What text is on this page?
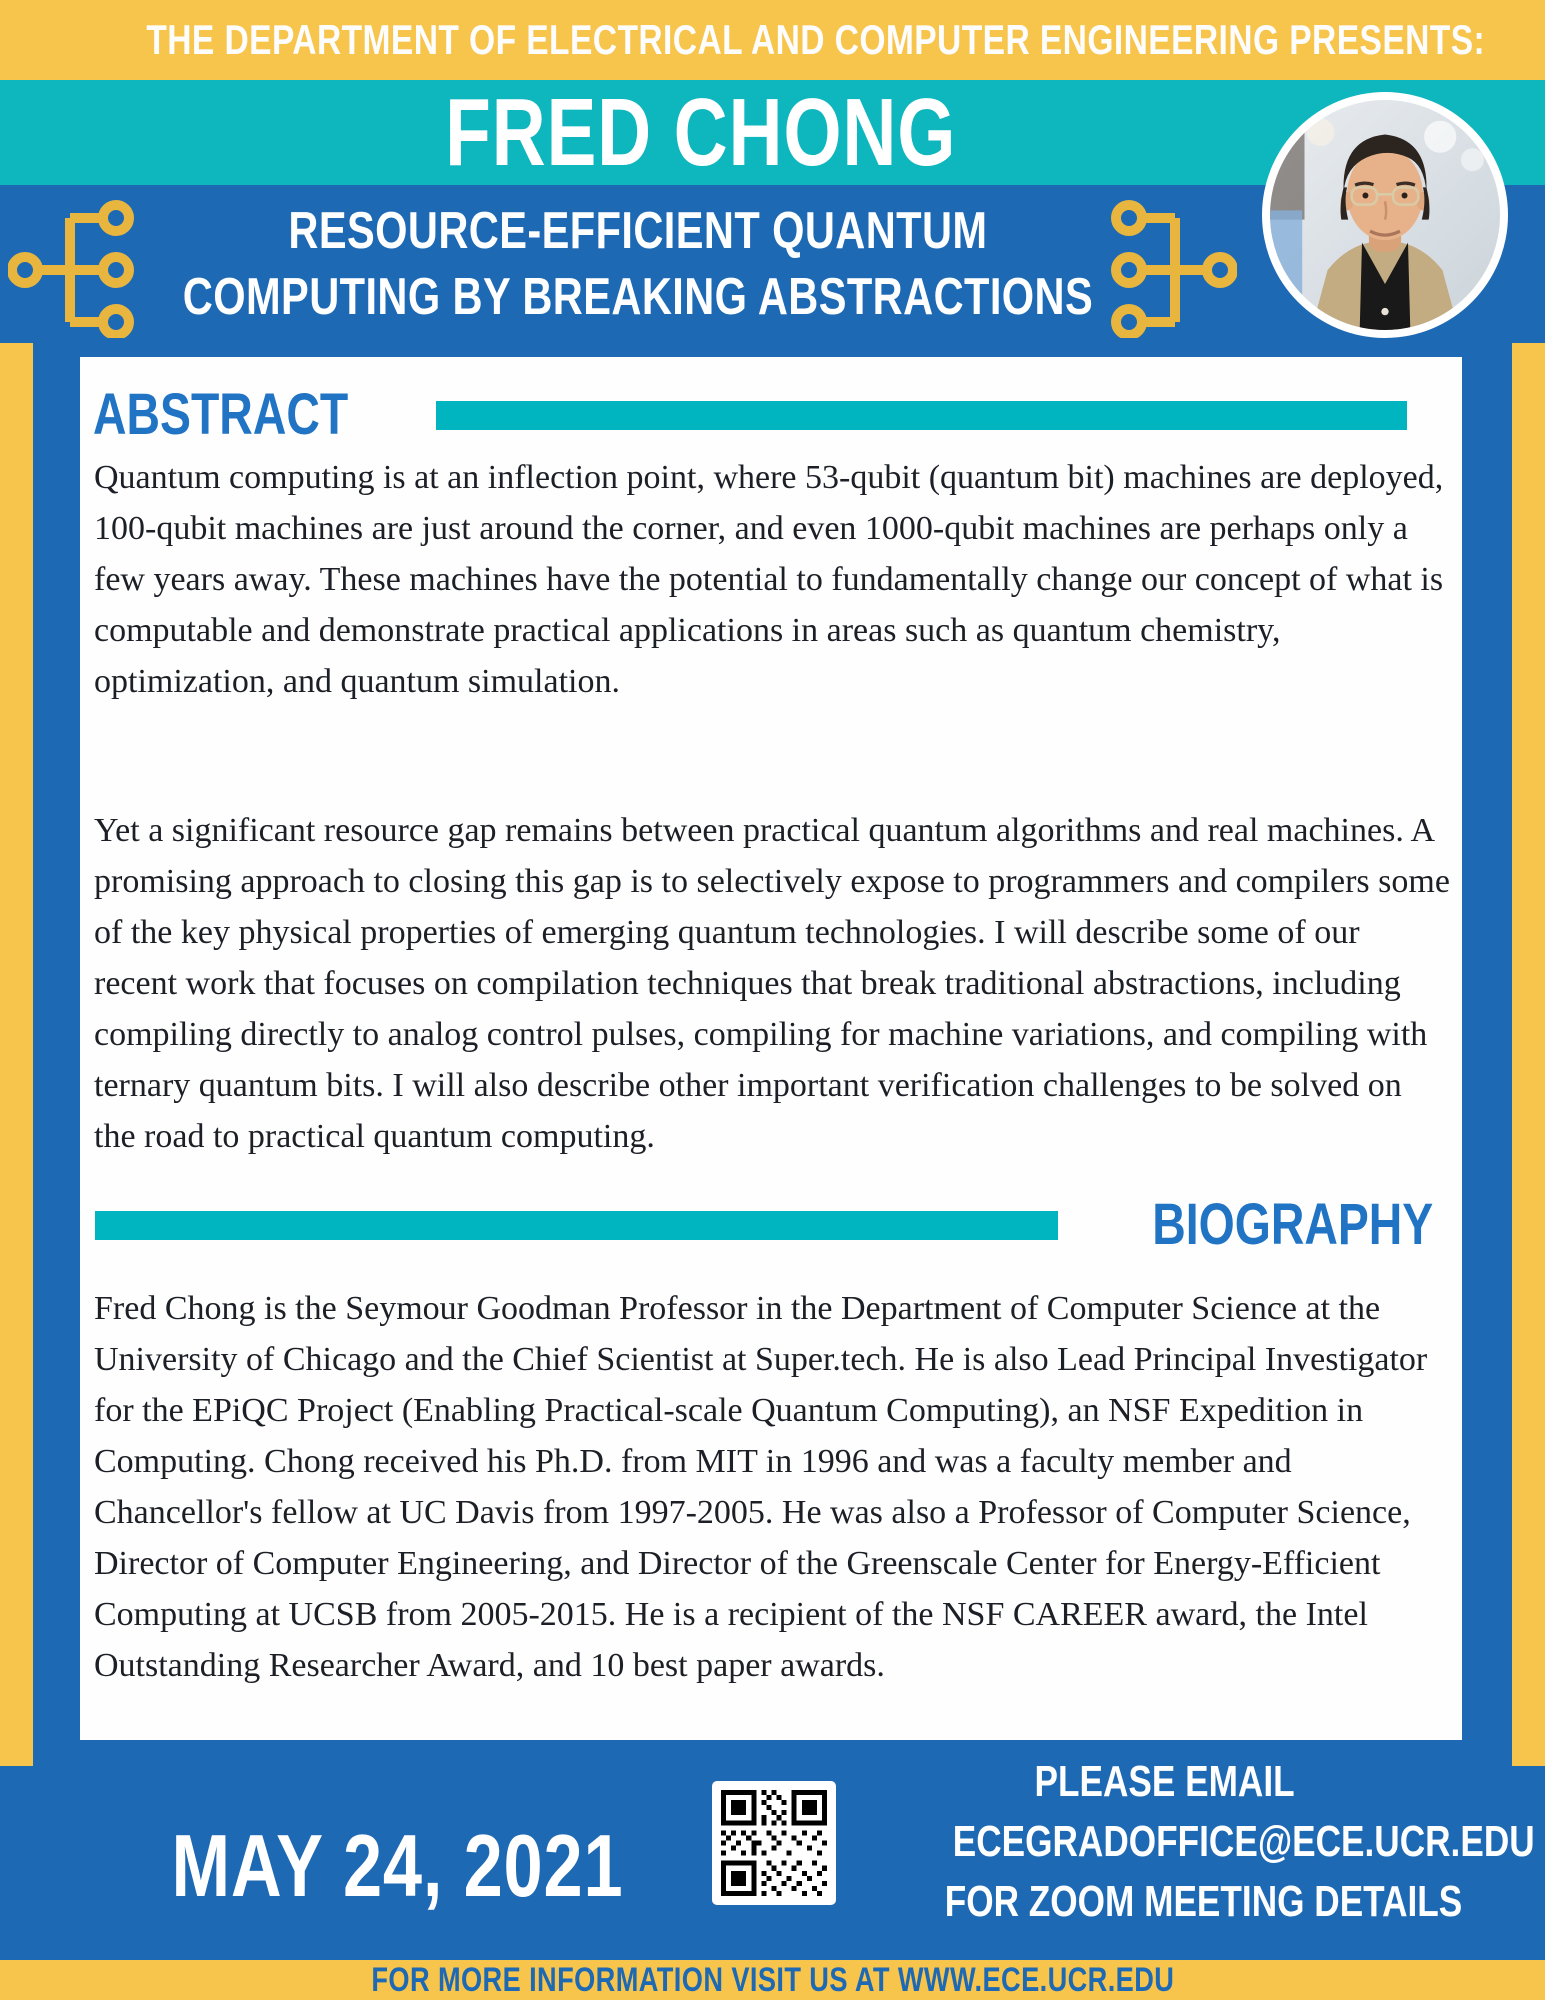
THE DEPARTMENT OF ELECTRICAL AND COMPUTER ENGINEERING PRESENTS:
FRED CHONG
RESOURCE-EFFICIENT QUANTUM
COMPUTING BY BREAKING ABSTRACTIONS
ABSTRACT

Quantum computing is at an inflection point, where 53-qubit (quantum bit) machines are deployed, 100-qubit machines are just around the corner, and even 1000-qubit machines are perhaps only a few years away. These machines have the potential to fundamentally change our concept of what is computable and demonstrate practical applications in areas such as quantum chemistry, optimization, and quantum simulation.

Yet a significant resource gap remains between practical quantum algorithms and real machines. A promising approach to closing this gap is to selectively expose to programmers and compilers some of the key physical properties of emerging quantum technologies. I will describe some of our recent work that focuses on compilation techniques that break traditional abstractions, including compiling directly to analog control pulses, compiling for machine variations, and compiling with ternary quantum bits. I will also describe other important verification challenges to be solved on the road to practical quantum computing.

BIOGRAPHY

Fred Chong is the Seymour Goodman Professor in the Department of Computer Science at the University of Chicago and the Chief Scientist at Super.tech. He is also Lead Principal Investigator for the EPiQC Project (Enabling Practical-scale Quantum Computing), an NSF Expedition in Computing. Chong received his Ph.D. from MIT in 1996 and was a faculty member and Chancellor's fellow at UC Davis from 1997-2005. He was also a Professor of Computer Science, Director of Computer Engineering, and Director of the Greenscale Center for Energy-Efficient Computing at UCSB from 2005-2015. He is a recipient of the NSF CAREER award, the Intel Outstanding Researcher Award, and 10 best paper awards.

MAY 24, 2021
PLEASE EMAIL
ECEGRADOFFICE@ECE.UCR.EDU
FOR ZOOM MEETING DETAILS
FOR MORE INFORMATION VISIT US AT WWW.ECE.UCR.EDU
